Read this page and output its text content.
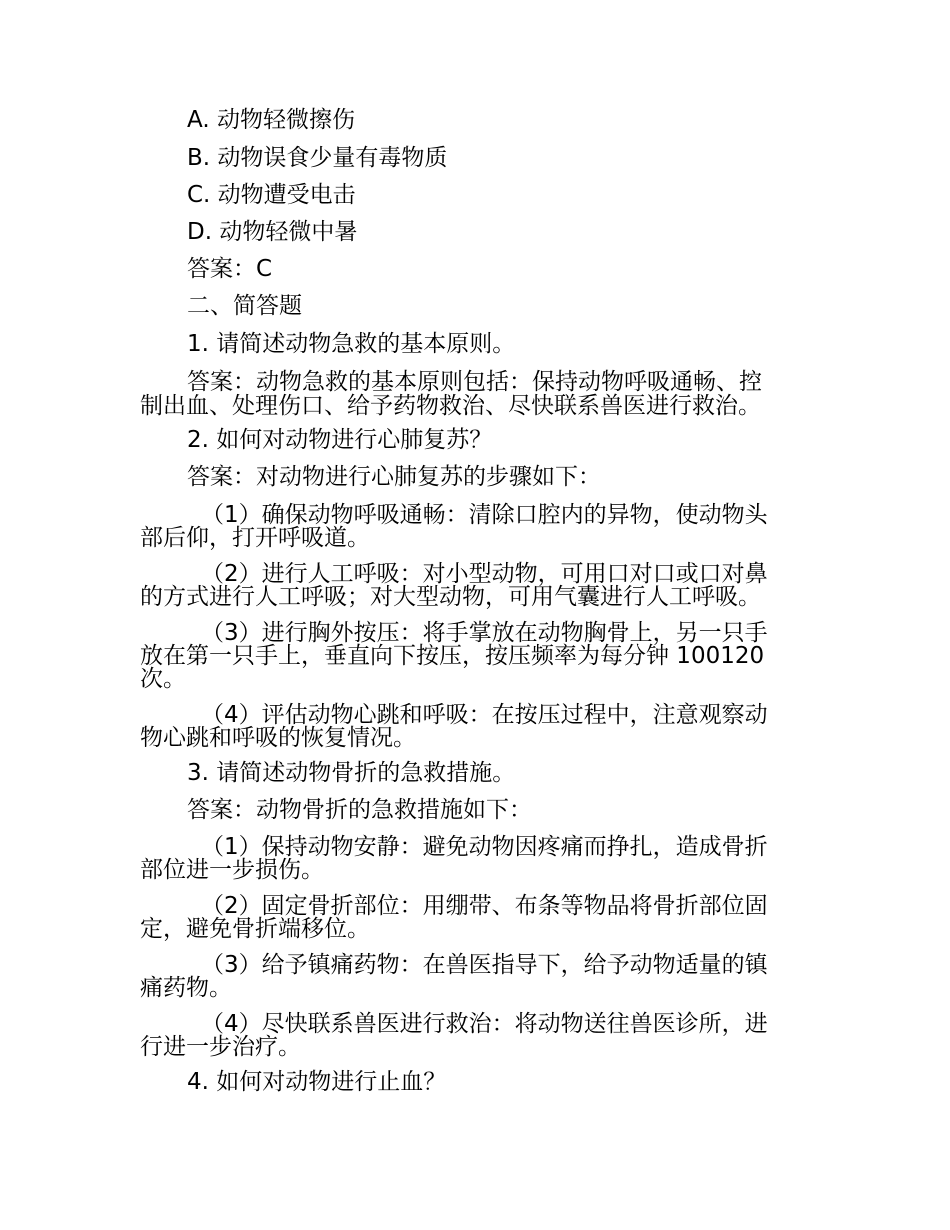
A. 动物轻微擦伤
B. 动物误食少量有毒物质
C. 动物遭受电击
D. 动物轻微中暑
答案：C
二、简答题
1. 请简述动物急救的基本原则。
答案：动物急救的基本原则包括：保持动物呼吸通畅、控
制出血、处理伤口、给予药物救治、尽快联系兽医进行救治。
2. 如何对动物进行心肺复苏？
答案：对动物进行心肺复苏的步骤如下：
（1）确保动物呼吸通畅：清除口腔内的异物，使动物头
部后仰，打开呼吸道。
（2）进行人工呼吸：对小型动物，可用口对口或口对鼻
的方式进行人工呼吸；对大型动物，可用气囊进行人工呼吸。
（3）进行胸外按压：将手掌放在动物胸骨上，另一只手
放在第一只手上，垂直向下按压，按压频率为每分钟 100120
次。
（4）评估动物心跳和呼吸：在按压过程中，注意观察动
物心跳和呼吸的恢复情况。
3. 请简述动物骨折的急救措施。
答案：动物骨折的急救措施如下：
（1）保持动物安静：避免动物因疼痛而挣扎，造成骨折
部位进一步损伤。
（2）固定骨折部位：用绷带、布条等物品将骨折部位固
定，避免骨折端移位。
（3）给予镇痛药物：在兽医指导下，给予动物适量的镇
痛药物。
（4）尽快联系兽医进行救治：将动物送往兽医诊所，进
行进一步治疗。
4. 如何对动物进行止血？
